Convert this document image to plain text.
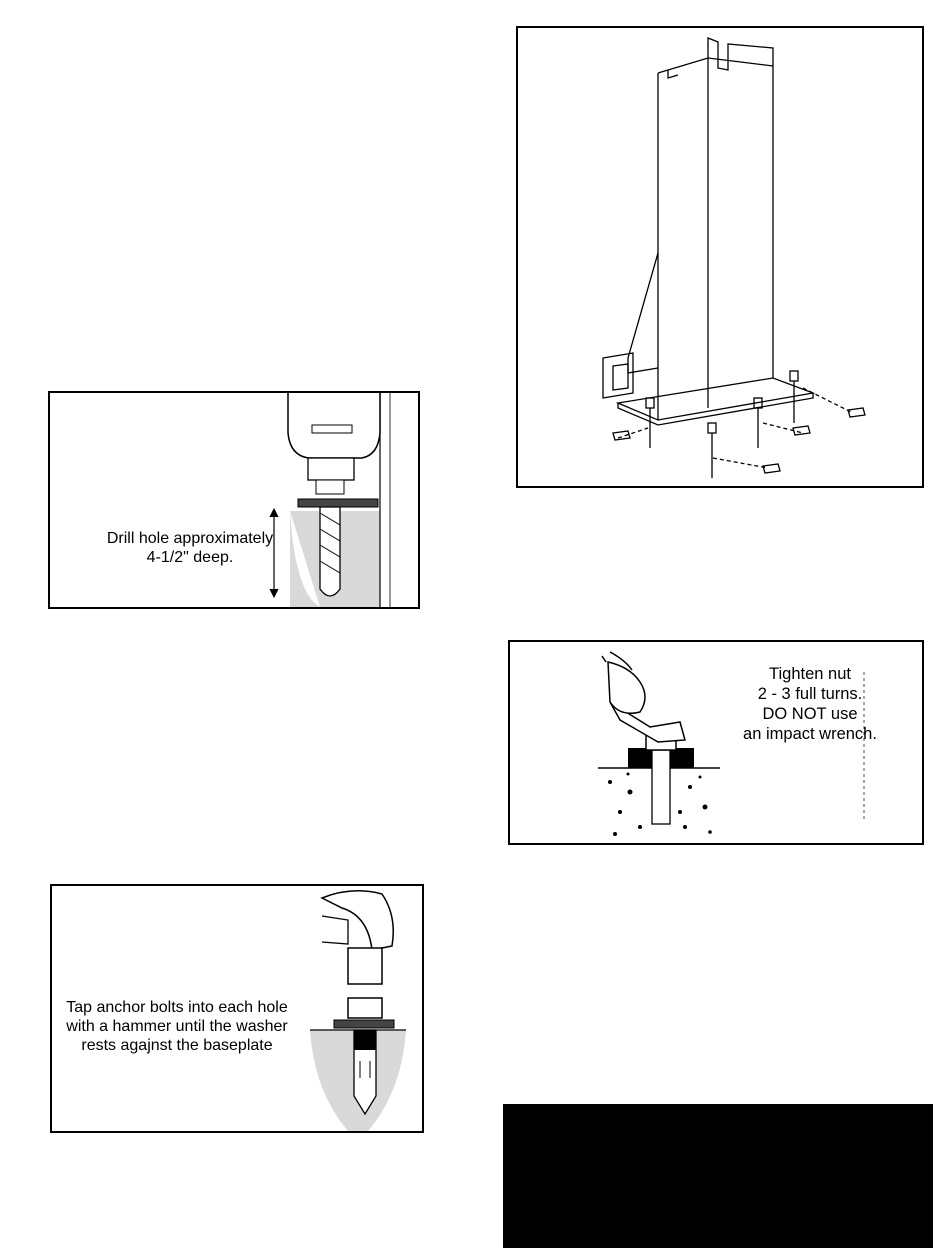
Drill hole approximately
4-1/2" deep.
Tighten nut
2 - 3 full turns.
DO NOT use
an impact wrench.
Tap anchor bolts into each hole
with a hammer until the washer
rests agajnst the baseplate
